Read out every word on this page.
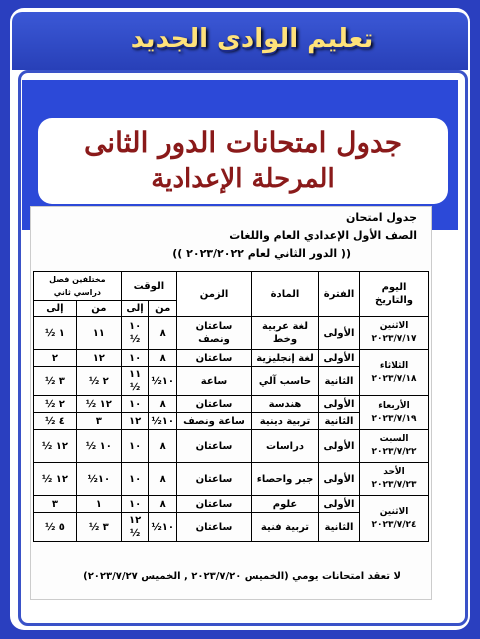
تعليم الوادى الجديد
جدول امتحانات الدور الثانى
المرحلة الإعدادية
جدول امتحان
الصف الأول الإعدادي العام واللغات
(( الدور الثاني لعام ٢٠٢٣/٢٠٢٢ ))
اليوم والتاريخ	الفترة	المادة	الزمن	الوقت		مختلفين فصل دراسي ثاني	
				من	إلى	من	إلى
الاثنين ٢٠٢٣/٧/١٧	الأولى	لغة عربية وخط	ساعتان ونصف	٨	١٠ ½	١١	١ ½
الثلاثاء ٢٠٢٣/٧/١٨	الأولى	لغة إنجليزية	ساعتان	٨	١٠	١٢	٢
	الثانية	حاسب آلي	ساعة	١٠½	١١ ½	٢ ½	٣ ½
الأربعاء ٢٠٢٣/٧/١٩	الأولى	هندسة	ساعتان	٨	١٠	١٢ ½	٢ ½
	الثانية	تربية دينية	ساعة ونصف	١٠½	١٢	٣	٤ ½
السبت ٢٠٢٣/٧/٢٢	الأولى	دراسات	ساعتان	٨	١٠	١٠ ½	١٢ ½
الأحد ٢٠٢٣/٧/٢٣	الأولى	جبر واحصاء	ساعتان	٨	١٠	١٠½	١٢ ½
الاثنين ٢٠٢٣/٧/٢٤	الأولى	علوم	ساعتان	٨	١٠	١	٣
	الثانية	تربية فنية	ساعتان	١٠½	١٢ ½	٣ ½	٥ ½
لا تعقد امتحانات يومي (الخميس ٢٠٢٣/٧/٢٠ , الخميس ٢٠٢٣/٧/٢٧)
